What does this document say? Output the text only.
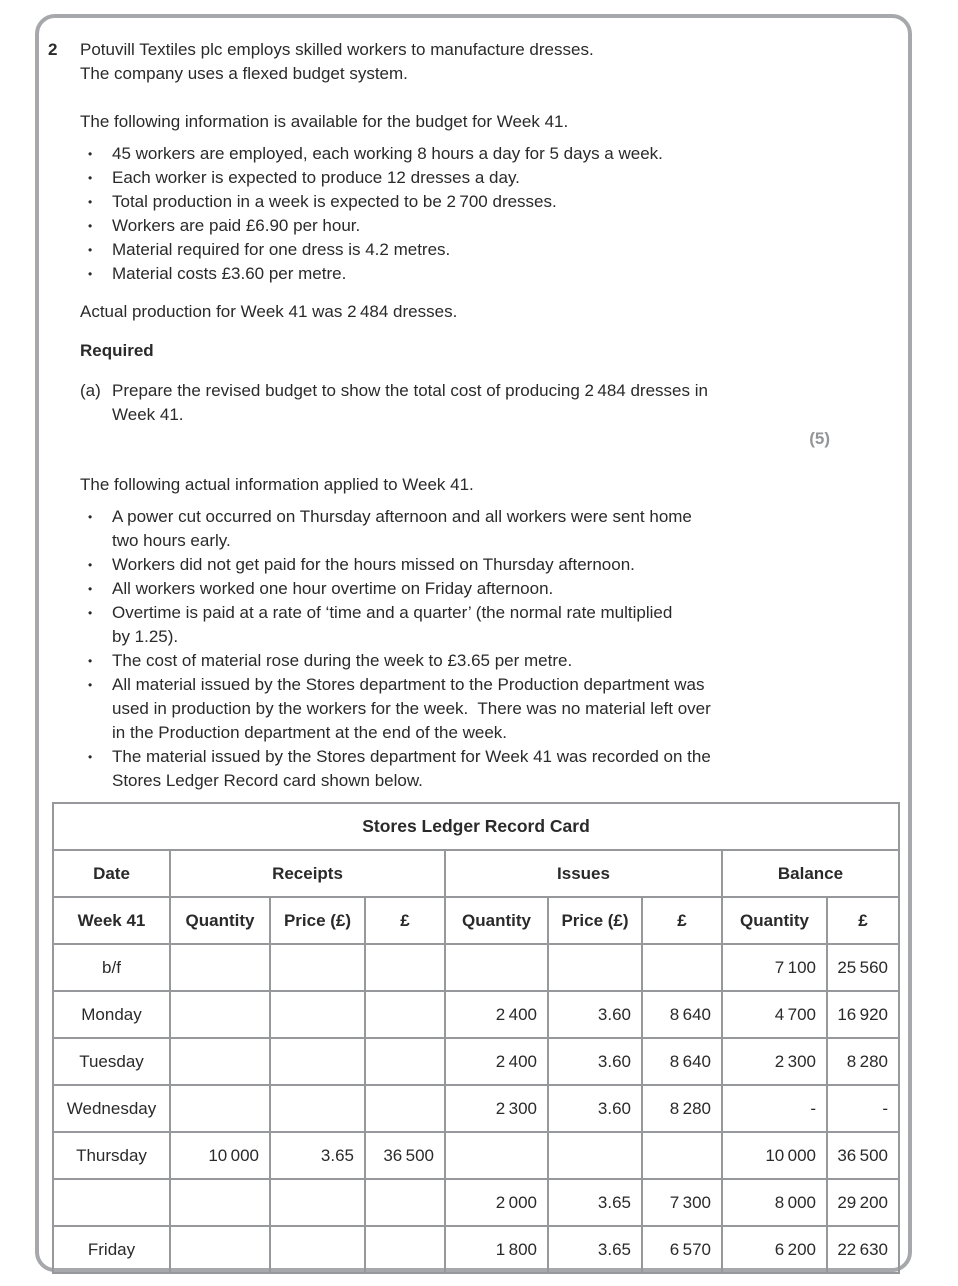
2	Potuvill Textiles plc employs skilled workers to manufacture dresses.
The company uses a flexed budget system.

The following information is available for the budget for Week 41.

•	45 workers are employed, each working 8 hours a day for 5 days a week.
•	Each worker is expected to produce 12 dresses a day.
•	Total production in a week is expected to be 2 700 dresses.
•	Workers are paid £6.90 per hour.
•	Material required for one dress is 4.2 metres.
•	Material costs £3.60 per metre.

Actual production for Week 41 was 2 484 dresses.

Required

(a) Prepare the revised budget to show the total cost of producing 2 484 dresses in
Week 41.
(5)

The following actual information applied to Week 41.

•	A power cut occurred on Thursday afternoon and all workers were sent home
two hours early.
•	Workers did not get paid for the hours missed on Thursday afternoon.
•	All workers worked one hour overtime on Friday afternoon.
•	Overtime is paid at a rate of ‘time and a quarter’ (the normal rate multiplied
by 1.25).
•	The cost of material rose during the week to £3.65 per metre.
•	All material issued by the Stores department to the Production department was
used in production by the workers for the week.  There was no material left over
in the Production department at the end of the week.
•	The material issued by the Stores department for Week 41 was recorded on the
Stores Ledger Record card shown below.
Stores Ledger Record Card								
Date	Receipts			Issues			Balance	
Week 41	Quantity	Price (£)	£	Quantity	Price (£)	£	Quantity	£
b/f							7 100	25 560
Monday				2 400	3.60	8 640	4 700	16 920
Tuesday				2 400	3.60	8 640	2 300	8 280
Wednesday				2 300	3.60	8 280	-	-
Thursday	10 000	3.65	36 500				10 000	36 500
				2 000	3.65	7 300	8 000	29 200
Friday				1 800	3.65	6 570	6 200	22 630
